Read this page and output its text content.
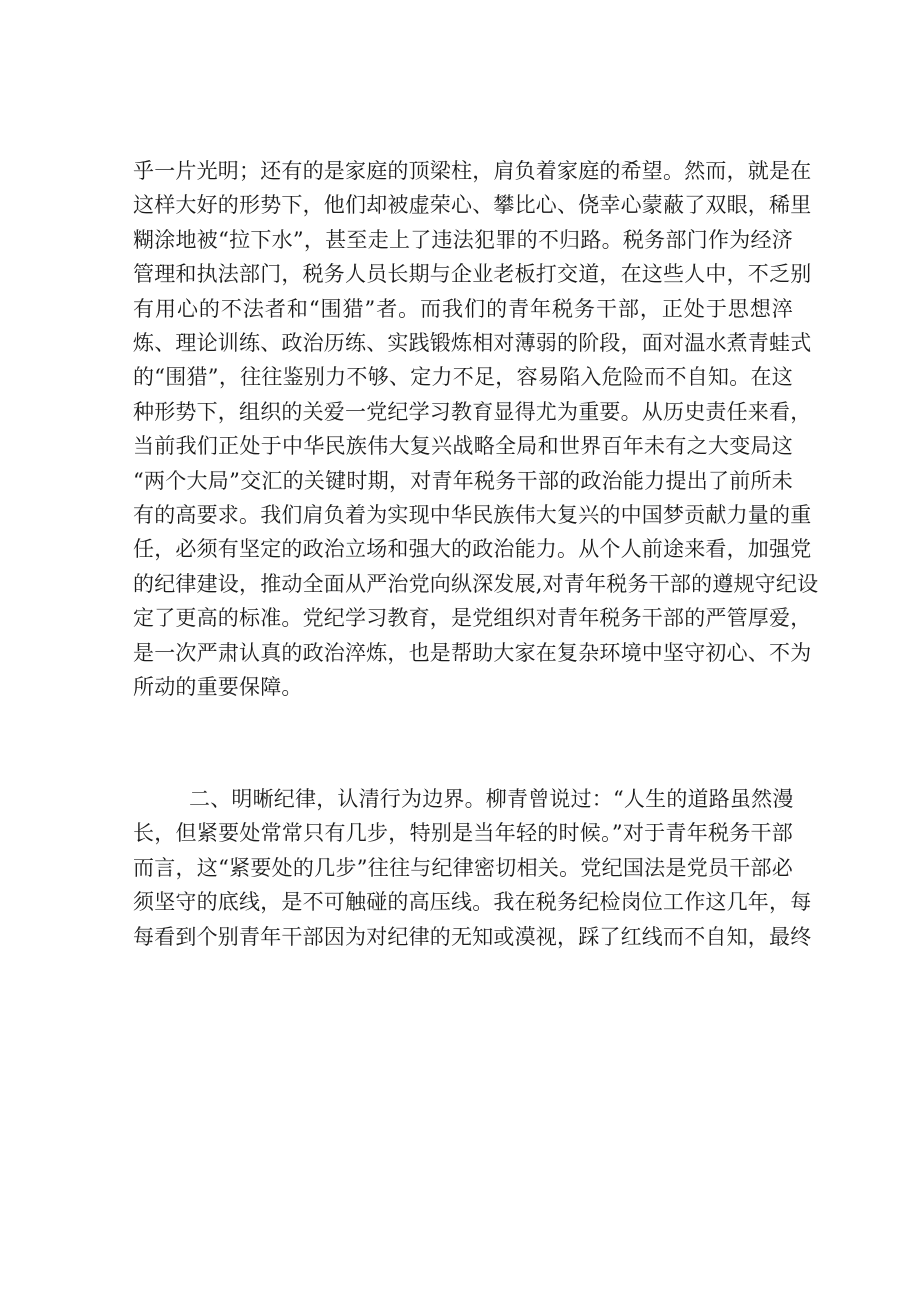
乎一片光明；还有的是家庭的顶梁柱，肩负着家庭的希望。然而，就是在
这样大好的形势下，他们却被虚荣心、攀比心、侥幸心蒙蔽了双眼，稀里
糊涂地被“拉下水”，甚至走上了违法犯罪的不归路。税务部门作为经济
管理和执法部门，税务人员长期与企业老板打交道，在这些人中，不乏别
有用心的不法者和“围猎”者。而我们的青年税务干部，正处于思想淬
炼、理论训练、政治历练、实践锻炼相对薄弱的阶段，面对温水煮青蛙式
的“围猎”，往往鉴别力不够、定力不足，容易陷入危险而不自知。在这
种形势下，组织的关爱一党纪学习教育显得尤为重要。从历史责任来看，
当前我们正处于中华民族伟大复兴战略全局和世界百年未有之大变局这
“两个大局”交汇的关键时期，对青年税务干部的政治能力提出了前所未
有的高要求。我们肩负着为实现中华民族伟大复兴的中国梦贡献力量的重
任，必须有坚定的政治立场和强大的政治能力。从个人前途来看，加强党
的纪律建设，推动全面从严治党向纵深发展,对青年税务干部的遵规守纪设
定了更高的标准。党纪学习教育，是党组织对青年税务干部的严管厚爱，
是一次严肃认真的政治淬炼，也是帮助大家在复杂环境中坚守初心、不为
所动的重要保障。
二、明晰纪律，认清行为边界。柳青曾说过：“人生的道路虽然漫
长，但紧要处常常只有几步，特别是当年轻的时候。”对于青年税务干部
而言，这“紧要处的几步”往往与纪律密切相关。党纪国法是党员干部必
须坚守的底线，是不可触碰的高压线。我在税务纪检岗位工作这几年，每
每看到个别青年干部因为对纪律的无知或漠视，踩了红线而不自知，最终
